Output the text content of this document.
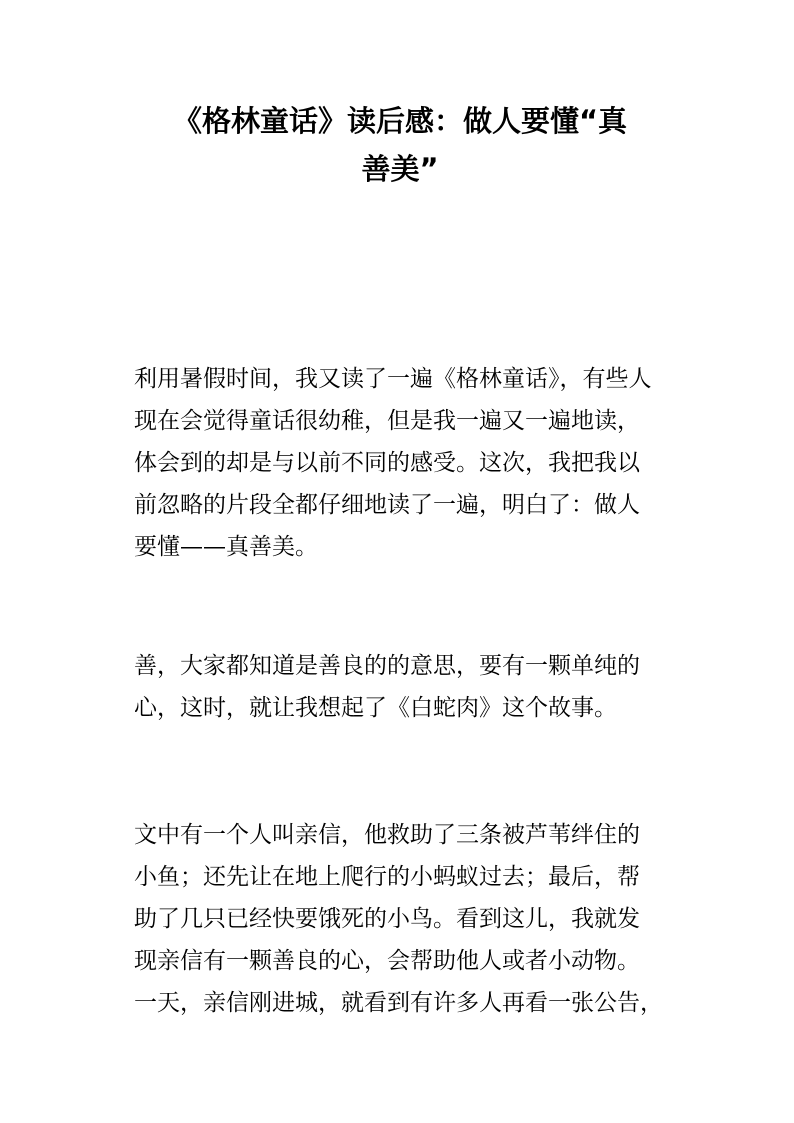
《格林童话》读后感：做人要懂“真
善美”

利用暑假时间，我又读了一遍《格林童话》，有些人
现在会觉得童话很幼稚，但是我一遍又一遍地读，
体会到的却是与以前不同的感受。这次，我把我以
前忽略的片段全都仔细地读了一遍，明白了：做人
要懂——真善美。

善，大家都知道是善良的的意思，要有一颗单纯的
心，这时，就让我想起了《白蛇肉》这个故事。

文中有一个人叫亲信，他救助了三条被芦苇绊住的
小鱼；还先让在地上爬行的小蚂蚁过去；最后，帮
助了几只已经快要饿死的小鸟。看到这儿，我就发
现亲信有一颗善良的心，会帮助他人或者小动物。
一天，亲信刚进城，就看到有许多人再看一张公告，
